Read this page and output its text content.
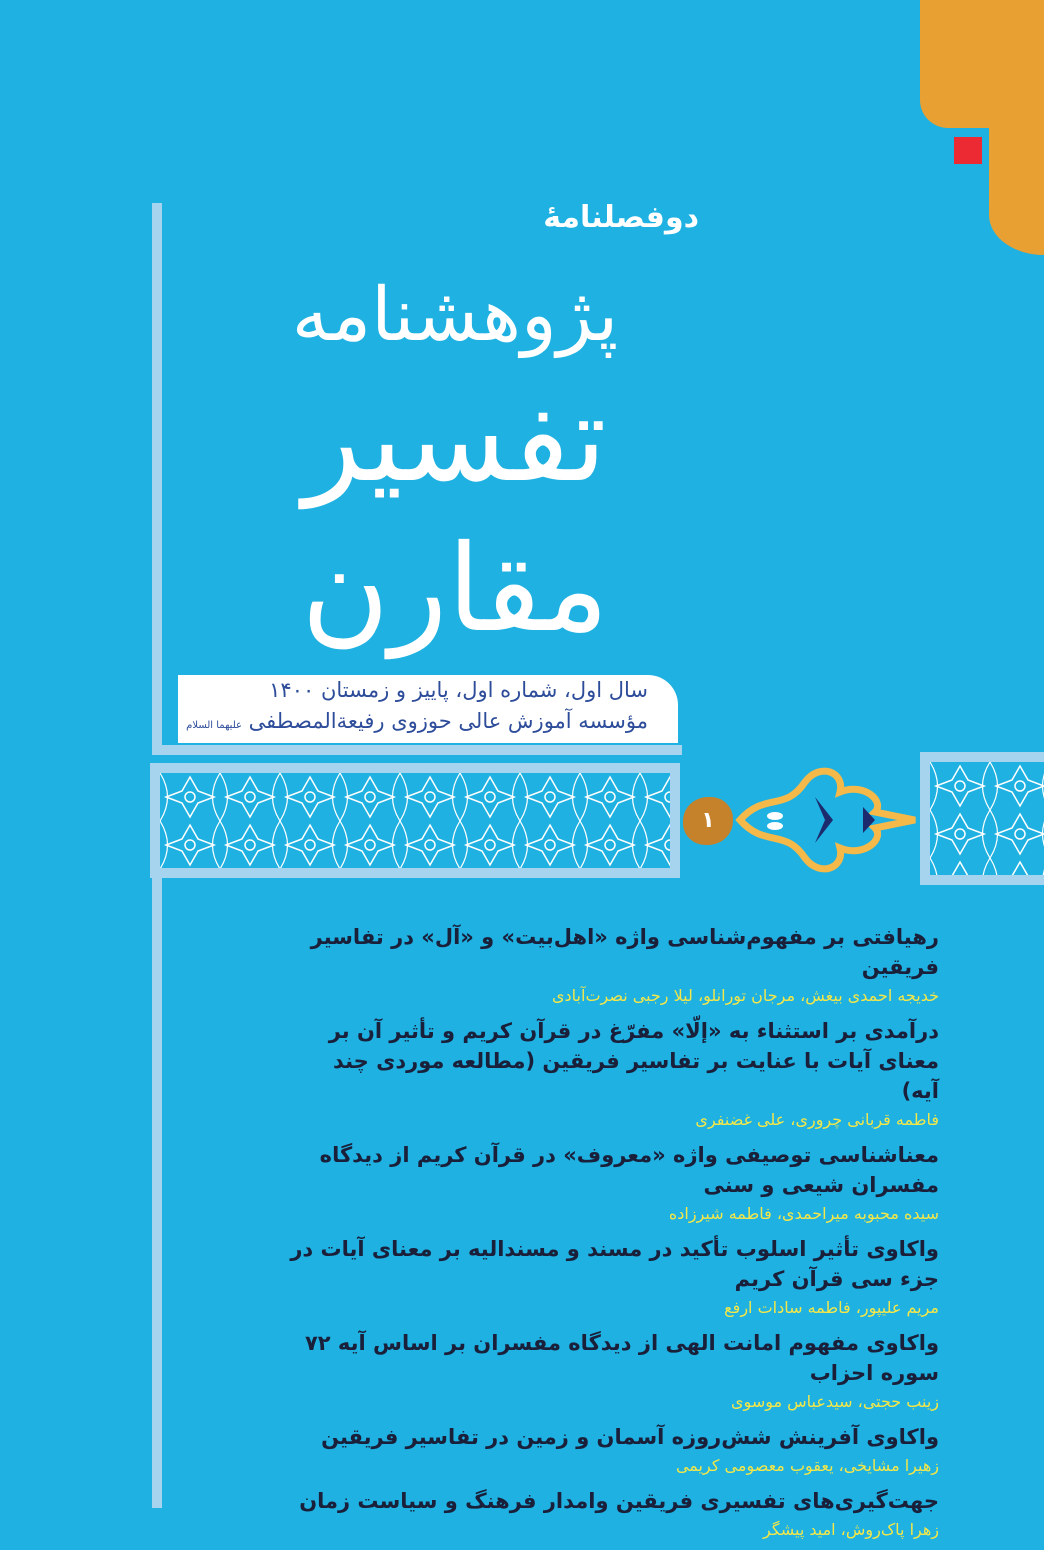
دوفصلنامهٔ
پژوهشنامه
تفسیر مقارن
سال اول، شماره اول، پاییز و زمستان ۱۴۰۰
مؤسسه آموزش عالی حوزوی رفیعة‌المصطفی علیهما السلام
۱
رهیافتی بر مفهوم‌شناسی واژه «اهل‌بیت» و «آل» در تفاسیر فریقین
خدیجه احمدی بیغش، مرجان تورانلو، لیلا رجبی نصرت‌آبادی
درآمدی بر استثناء به «إلّا» مفرّغ در قرآن کریم و تأثیر آن بر معنای آیات با عنایت بر تفاسیر فریقین (مطالعه موردی چند آیه)
فاطمه قربانی چروری، علی غضنفری
معناشناسی توصیفی واژه «معروف» در قرآن کریم از دیدگاه مفسران شیعی و سنی
سیده محبوبه میراحمدی، فاطمه شیرزاده
واکاوی تأثیر اسلوب تأکید در مسند و مسندالیه بر معنای آیات در جزء سی قرآن کریم
مریم علیپور، فاطمه سادات ارفع
واکاوی مفهوم امانت الهی از دیدگاه مفسران بر اساس آیه ۷۲ سوره احزاب
زینب حجتی، سیدعباس موسوی
واکاوی آفرینش شش‌روزه آسمان و زمین در تفاسیر فریقین
زهیرا مشایخی، یعقوب معصومی کریمی
جهت‌گیری‌های تفسیری فریقین وامدار فرهنگ و سیاست زمان
زهرا پاک‌روش، امید پیشگر
